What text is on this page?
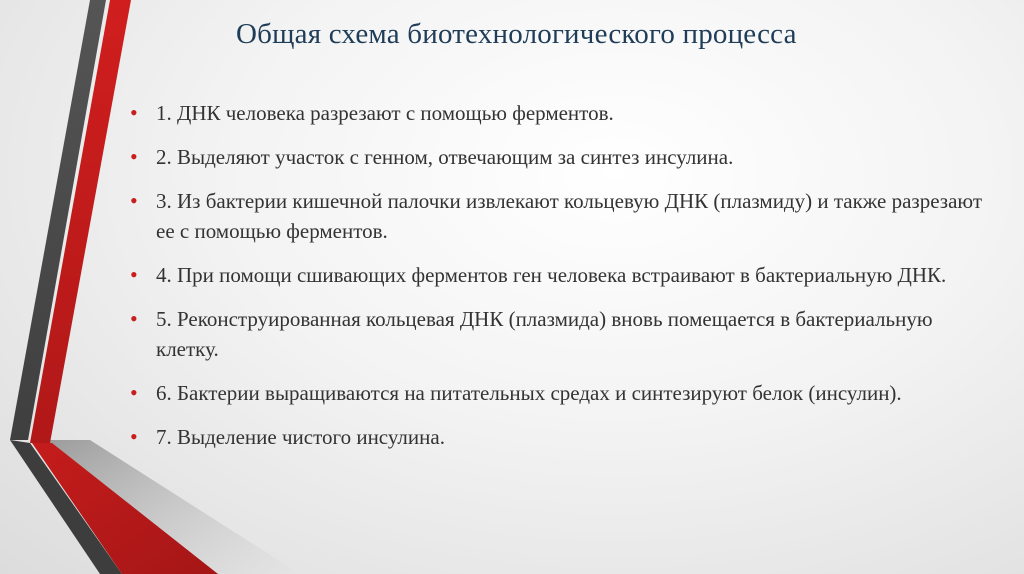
Общая схема биотехнологического процесса
• 1. ДНК человека разрезают с помощью ферментов.
• 2. Выделяют участок с генном, отвечающим за синтез инсулина.
• 3. Из бактерии кишечной палочки извлекают кольцевую ДНК (плазмиду) и также разрезают ее с помощью ферментов.
• 4. При помощи сшивающих ферментов ген человека встраивают в бактериальную ДНК.
• 5. Реконструированная кольцевая ДНК (плазмида) вновь помещается в бактериальную клетку.
• 6. Бактерии выращиваются на питательных средах и синтезируют белок (инсулин).
• 7. Выделение чистого инсулина.
